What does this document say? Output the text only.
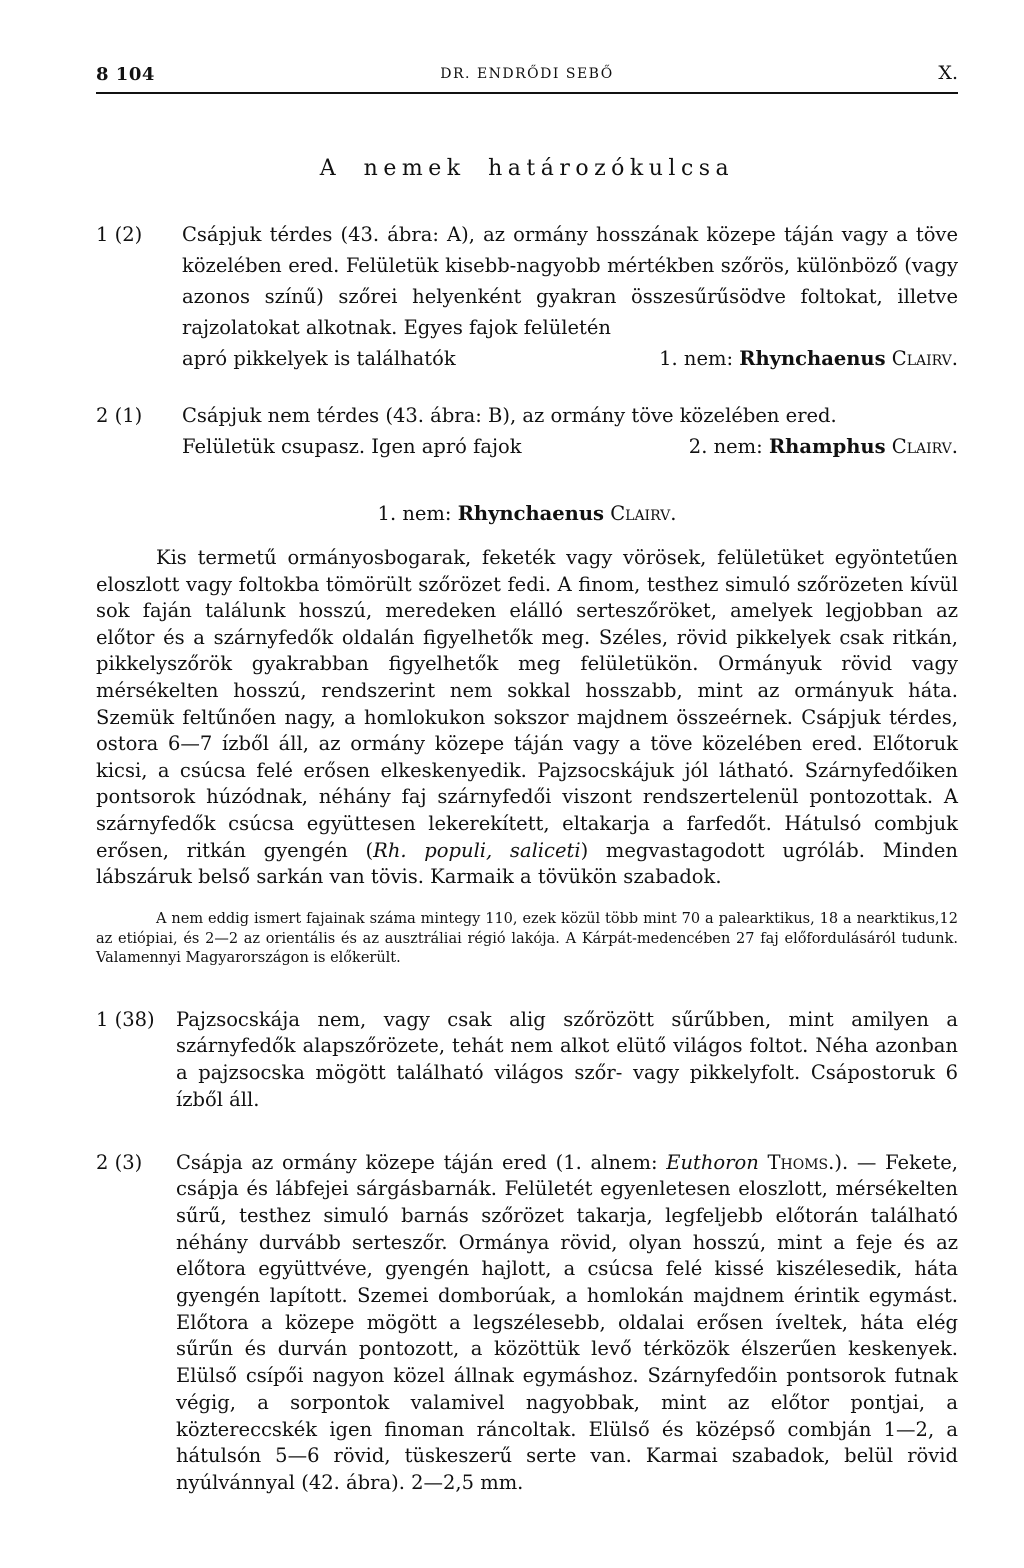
8 104	DR. ENDRŐDI SEBŐ	X.
A nemek határozókulcsa
1 (2)	Csápjuk térdes (43. ábra: A), az ormány hosszának közepe táján vagy a töve közelében ered. Felületük kisebb-nagyobb mértékben szőrös, különböző (vagy azonos színű) szőrei helyenként gyakran összesűrűsödve foltokat, illetve rajzolatokat alkotnak. Egyes fajok felületén
apró pikkelyek is találhatók	1. nem: Rhynchaenus Clairv.
2 (1)	Csápjuk nem térdes (43. ábra: B), az ormány töve közelében ered.
Felületük csupasz. Igen apró fajok	2. nem: Rhamphus Clairv.
1. nem: Rhynchaenus Clairv.

Kis termetű ormányosbogarak, feketék vagy vörösek, felületüket egyöntetűen eloszlott vagy foltokba tömörült szőrözet fedi. A finom, testhez simuló szőrözeten kívül sok faján találunk hosszú, meredeken elálló serteszőröket, amelyek legjobban az előtor és a szárnyfedők oldalán figyelhetők meg. Széles, rövid pikkelyek csak ritkán, pikkelyszőrök gyakrabban figyelhetők meg felületükön. Ormányuk rövid vagy mérsékelten hosszú, rendszerint nem sokkal hosszabb, mint az ormányuk háta. Szemük feltűnően nagy, a homlokukon sokszor majdnem összeérnek. Csápjuk térdes, ostora 6—7 ízből áll, az ormány közepe táján vagy a töve közelében ered. Előtoruk kicsi, a csúcsa felé erősen elkeskenyedik. Pajzsocskájuk jól látható. Szárnyfedőiken pontsorok húzódnak, néhány faj szárnyfedői viszont rendszertelenül pontozottak. A szárnyfedők csúcsa együttesen lekerekített, eltakarja a farfedőt. Hátulsó combjuk erősen, ritkán gyengén (Rh. populi, saliceti) megvastagodott ugróláb. Minden lábszáruk belső sarkán van tövis. Karmaik a tövükön szabadok.

A nem eddig ismert fajainak száma mintegy 110, ezek közül több mint 70 a palearktikus, 18 a nearktikus,12 az etiópiai, és 2—2 az orientális és az ausztráliai régió lakója. A Kárpát-medencében 27 faj előfordulásáról tudunk. Valamennyi Magyarországon is előkerült.

1 (38)	Pajzsocskája nem, vagy csak alig szőrözött sűrűbben, mint amilyen a szárnyfedők alapszőrözete, tehát nem alkot elütő világos foltot. Néha azonban a pajzsocska mögött található világos szőr- vagy pikkelyfolt. Csápostoruk 6 ízből áll.
2 (3)	Csápja az ormány közepe táján ered (1. alnem: Euthoron Thoms.). — Fekete, csápja és lábfejei sárgásbarnák. Felületét egyenletesen eloszlott, mérsékelten sűrű, testhez simuló barnás szőrözet takarja, legfeljebb előtorán található néhány durvább serteszőr. Ormánya rövid, olyan hosszú, mint a feje és az előtora együttvéve, gyengén hajlott, a csúcsa felé kissé kiszélesedik, háta gyengén lapított. Szemei domborúak, a homlokán majdnem érintik egymást. Előtora a közepe mögött a legszélesebb, oldalai erősen íveltek, háta elég sűrűn és durván pontozott, a közöttük levő térközök élszerűen keskenyek. Elülső csípői nagyon közel állnak egymáshoz. Szárnyfedőin pontsorok futnak végig, a sorpontok valamivel nagyobbak, mint az előtor pontjai, a köztereccskék igen finoman ráncoltak. Elülső és középső combján 1—2, a hátulsón 5—6 rövid, tüskeszerű serte van. Karmai szabadok, belül rövid nyúlvánnyal (42. ábra). 2—2,5 mm.
